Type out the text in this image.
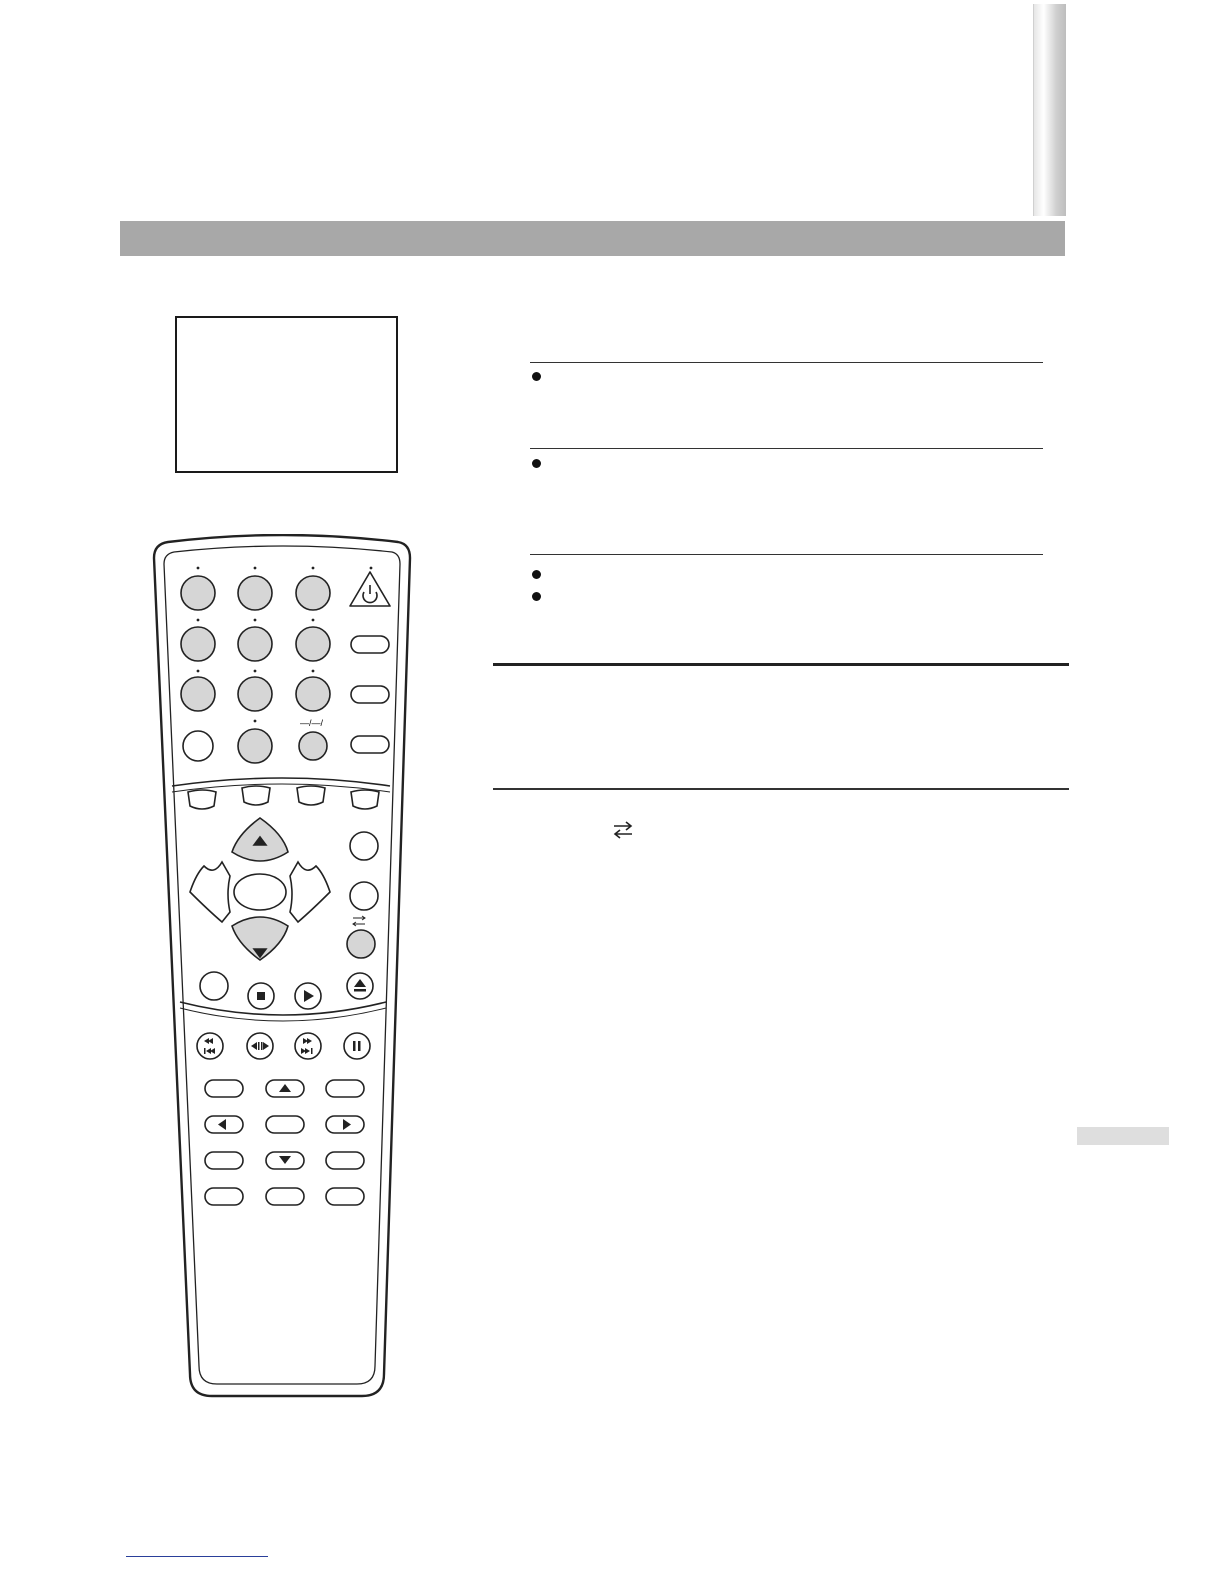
—/—/
